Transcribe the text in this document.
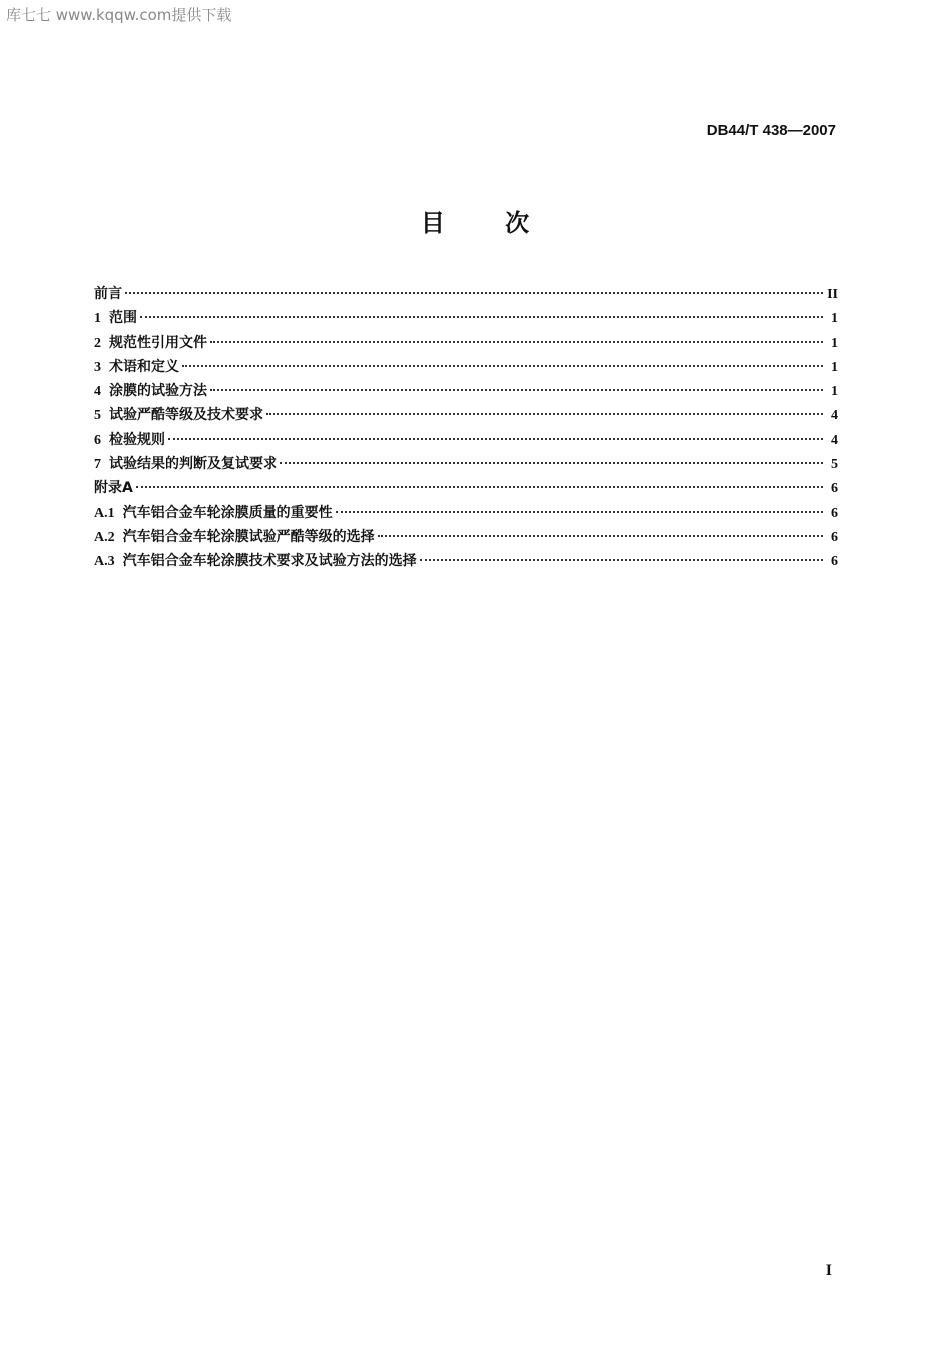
库七七 www.kqqw.com提供下载
DB44/T 438—2007
目	次
前言	II
1 范围	1
2 规范性引用文件	1
3 术语和定义	1
4 涂膜的试验方法	1
5 试验严酷等级及技术要求	4
6 检验规则	4
7 试验结果的判断及复试要求	5
附录A	6
A.1 汽车铝合金车轮涂膜质量的重要性	6
A.2 汽车铝合金车轮涂膜试验严酷等级的选择	6
A.3 汽车铝合金车轮涂膜技术要求及试验方法的选择	6
I
